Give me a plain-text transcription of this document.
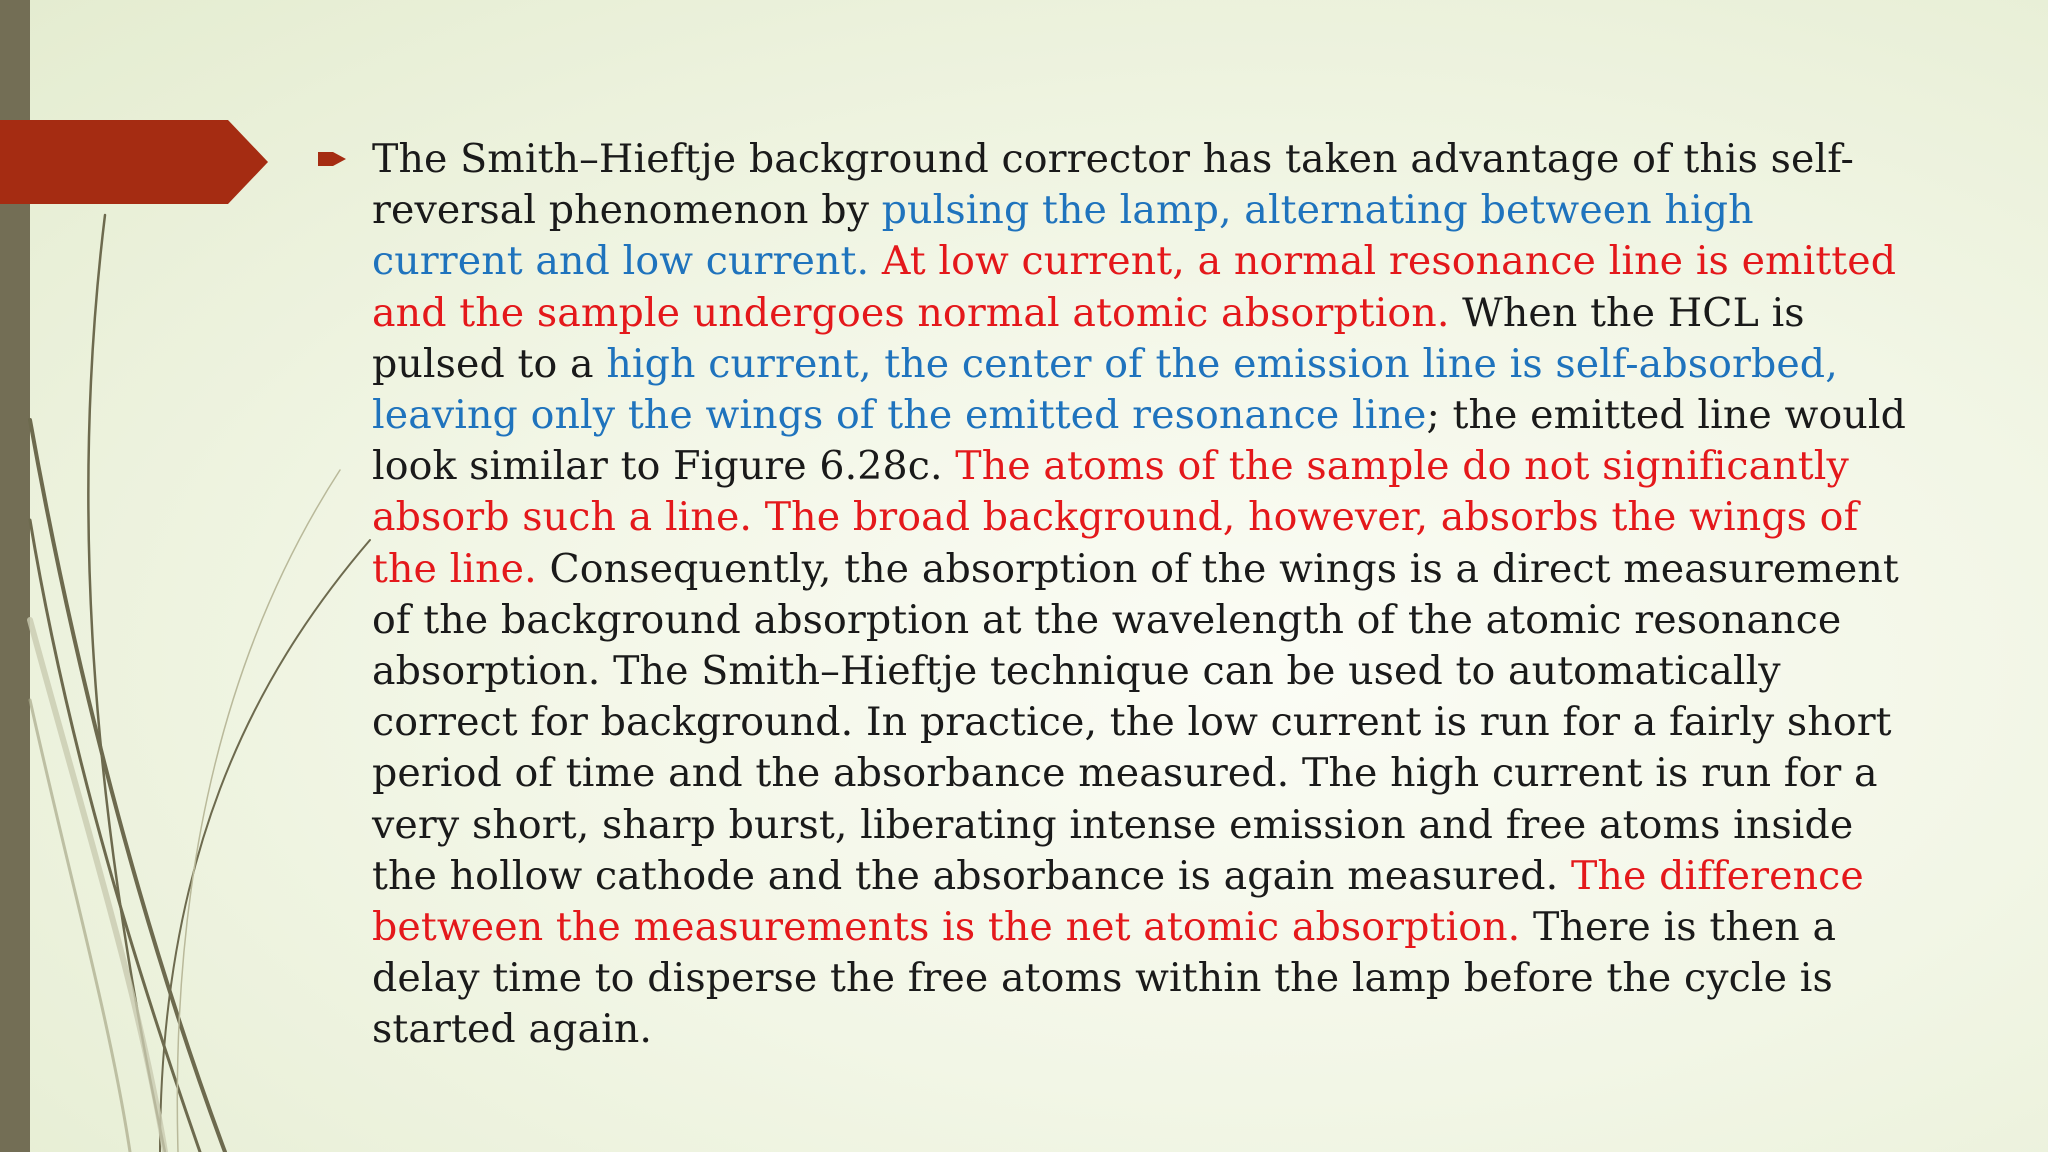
The Smith–Hieftje background corrector has taken advantage of this self-reversal phenomenon by pulsing the lamp, alternating between high current and low current. At low current, a normal resonance line is emitted and the sample undergoes normal atomic absorption. When the HCL is pulsed to a high current, the center of the emission line is self-absorbed, leaving only the wings of the emitted resonance line; the emitted line would look similar to Figure 6.28c. The atoms of the sample do not significantly absorb such a line. The broad background, however, absorbs the wings of the line. Consequently, the absorption of the wings is a direct measurement of the background absorption at the wavelength of the atomic resonance absorption. The Smith–Hieftje technique can be used to automatically correct for background. In practice, the low current is run for a fairly short period of time and the absorbance measured. The high current is run for a very short, sharp burst, liberating intense emission and free atoms inside the hollow cathode and the absorbance is again measured. The difference between the measurements is the net atomic absorption. There is then a delay time to disperse the free atoms within the lamp before the cycle is started again.
